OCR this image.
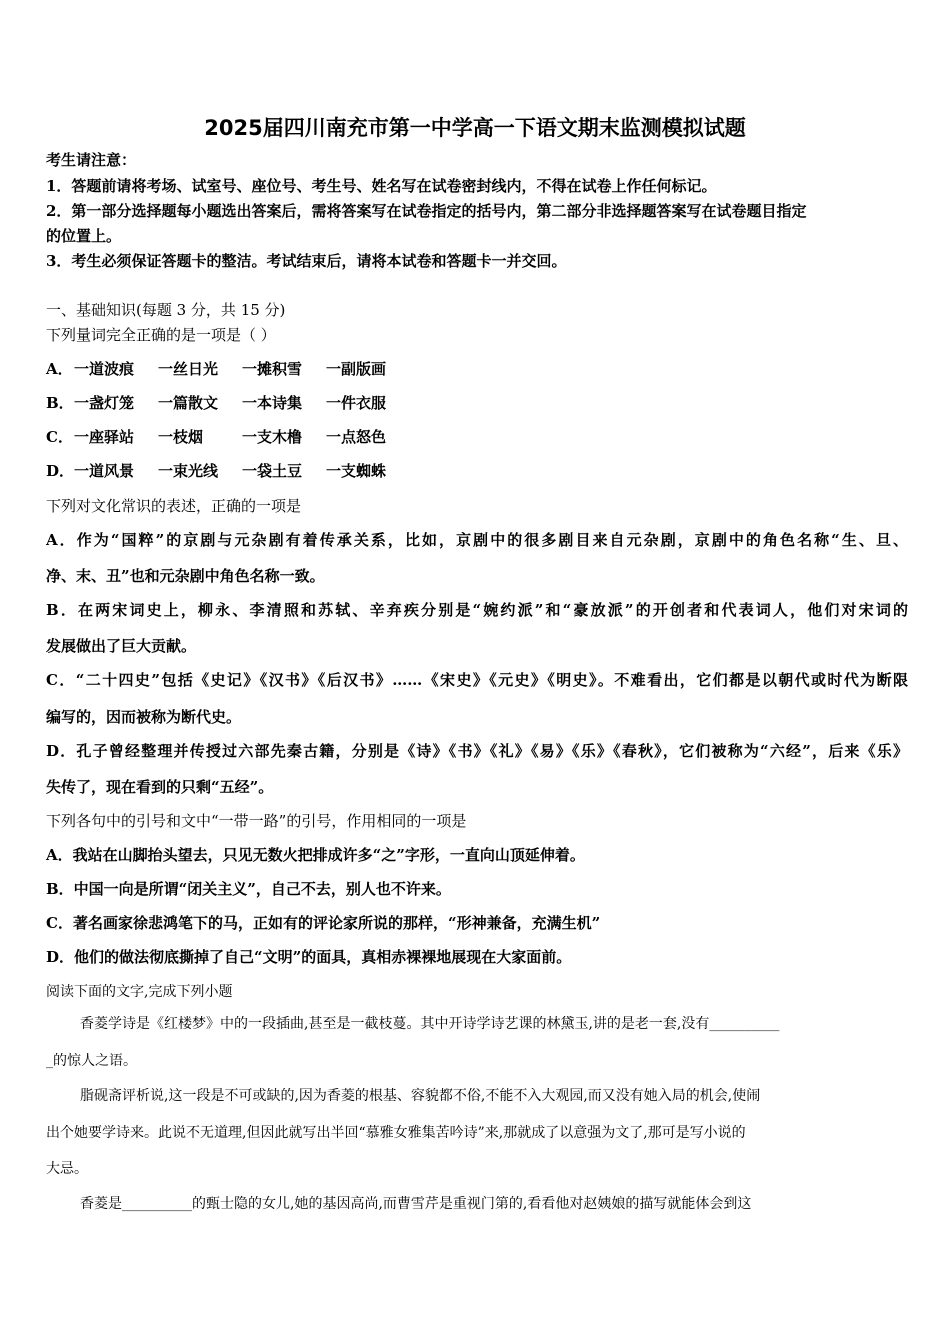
2025届四川南充市第一中学高一下语文期末监测模拟试题
考生请注意：
1．答题前请将考场、试室号、座位号、考生号、姓名写在试卷密封线内，不得在试卷上作任何标记。
2．第一部分选择题每小题选出答案后，需将答案写在试卷指定的括号内，第二部分非选择题答案写在试卷题目指定
的位置上。
3．考生必须保证答题卡的整洁。考试结束后，请将本试卷和答题卡一并交回。
一、基础知识(每题 3 分，共 15 分)
下列量词完全正确的是一项是（ ）
A．一道波痕 一丝日光 一摊积雪 一副版画
B．一盏灯笼 一篇散文 一本诗集 一件衣服
C．一座驿站 一枝烟	一支木橹 一点怒色
D．一道风景 一束光线 一袋土豆 一支蜘蛛
下列对文化常识的表述，正确的一项是
A．作为“国粹”的京剧与元杂剧有着传承关系，比如，京剧中的很多剧目来自元杂剧，京剧中的角色名称“生、旦、
净、末、丑”也和元杂剧中角色名称一致。
B．在两宋词史上，柳永、李清照和苏轼、辛弃疾分别是“婉约派”和“豪放派”的开创者和代表词人，他们对宋词的
发展做出了巨大贡献。
C．“二十四史”包括《史记》《汉书》《后汉书》……《宋史》《元史》《明史》。不难看出，它们都是以朝代或时代为断限
编写的，因而被称为断代史。
D．孔子曾经整理并传授过六部先秦古籍，分别是《诗》《书》《礼》《易》《乐》《春秋》，它们被称为“六经”，后来《乐》
失传了，现在看到的只剩“五经”。
下列各句中的引号和文中“一带一路”的引号，作用相同的一项是
A．我站在山脚抬头望去，只见无数火把排成许多“之”字形，一直向山顶延伸着。
B．中国一向是所谓“闭关主义”，自己不去，别人也不许来。
C．著名画家徐悲鸿笔下的马，正如有的评论家所说的那样，“形神兼备，充满生机”
D．他们的做法彻底撕掉了自己“文明”的面具，真相赤裸裸地展现在大家面前。
阅读下面的文字,完成下列小题
香菱学诗是《红楼梦》中的一段插曲,甚至是一截枝蔓。其中开诗学诗艺课的林黛玉,讲的是老一套,没有__________
_的惊人之语。
脂砚斋评析说,这一段是不可或缺的,因为香菱的根基、容貌都不俗,不能不入大观园,而又没有她入局的机会,使闹
出个她要学诗来。此说不无道理,但因此就写出半回“慕雅女雅集苦吟诗”来,那就成了以意强为文了,那可是写小说的
大忌。
香菱是__________的甄士隐的女儿,她的基因高尚,而曹雪芹是重视门第的,看看他对赵姨娘的描写就能体会到这
